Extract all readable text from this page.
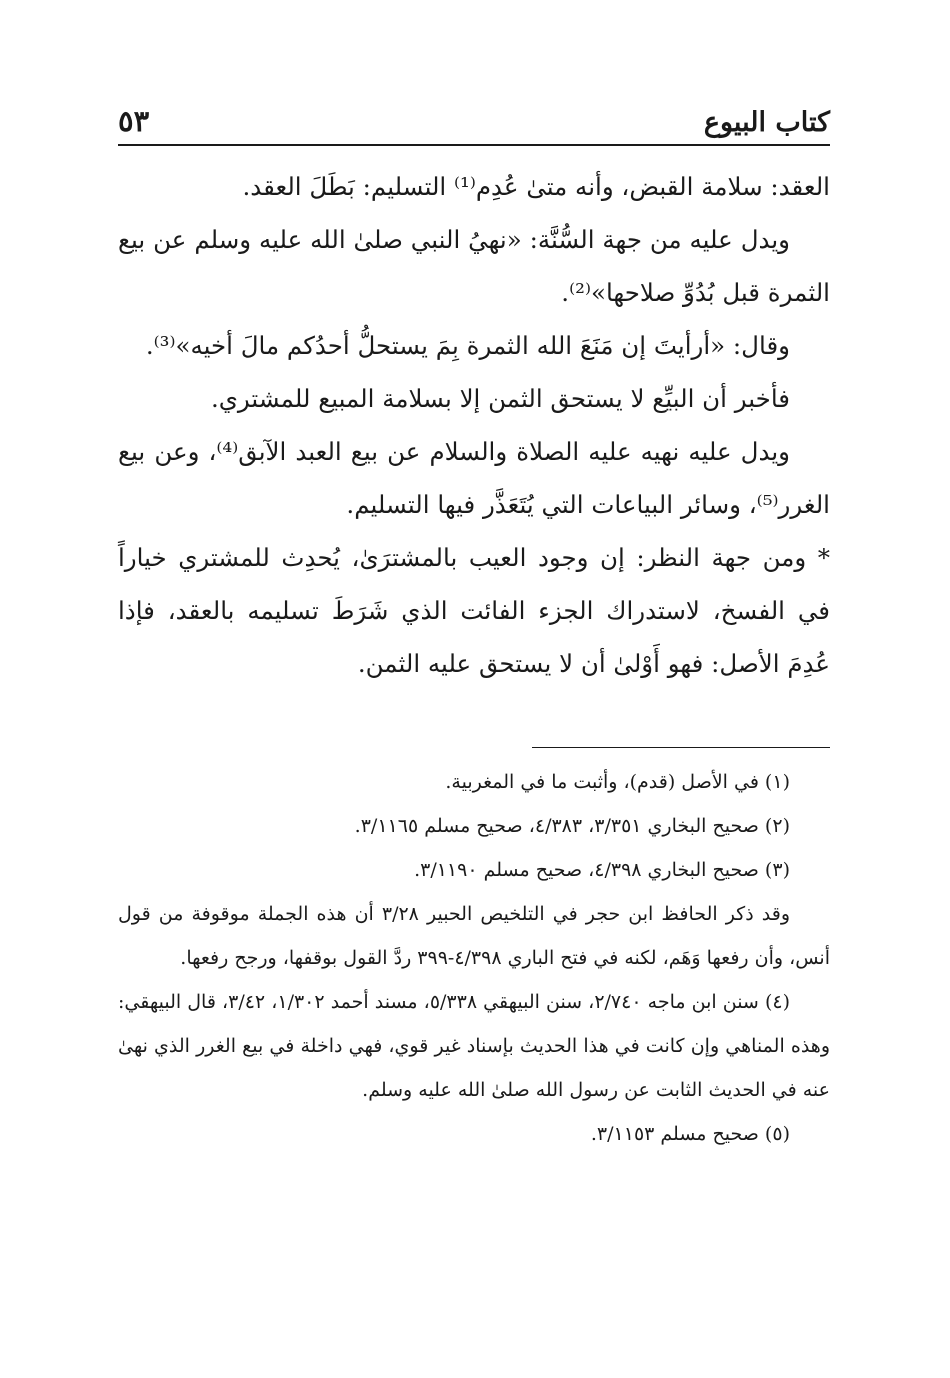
كتاب البيوع
٥٣

العقد: سلامة القبض، وأنه متىٰ عُدِم⁽¹⁾ التسليم: بَطَلَ العقد.

ويدل عليه من جهة السُّنَّة: «نهيُ النبي صلىٰ الله عليه وسلم عن بيع الثمرة قبل بُدُوِّ صلاحها»⁽²⁾.

وقال: «أرأيتَ إن مَنَعَ الله الثمرة بِمَ يستحلُّ أحدُكم مالَ أخيه»⁽³⁾.

فأخبر أن البيِّع لا يستحق الثمن إلا بسلامة المبيع للمشتري.

ويدل عليه نهيه عليه الصلاة والسلام عن بيع العبد الآبق⁽⁴⁾، وعن بيع الغرر⁽⁵⁾، وسائر البياعات التي يُتَعَذَّر فيها التسليم.

* ومن جهة النظر: إن وجود العيب بالمشترَىٰ، يُحدِث للمشتري خياراً في الفسخ، لاستدراك الجزء الفائت الذي شَرَطَ تسليمه بالعقد، فإذا عُدِمَ الأصل: فهو أَوْلىٰ أن لا يستحق عليه الثمن.

(١) في الأصل (قدم)، وأثبت ما في المغربية.

(٢) صحيح البخاري ٣/٣٥١، ٤/٣٨٣، صحيح مسلم ٣/١١٦٥.

(٣) صحيح البخاري ٤/٣٩٨، صحيح مسلم ٣/١١٩٠.

وقد ذكر الحافظ ابن حجر في التلخيص الحبير ٣/٢٨ أن هذه الجملة موقوفة من قول أنس، وأن رفعها وَهَم، لكنه في فتح الباري ٤/٣٩٨-٣٩٩ ردَّ القول بوقفها، ورجح رفعها.

(٤) سنن ابن ماجه ٢/٧٤٠، سنن البيهقي ٥/٣٣٨، مسند أحمد ١/٣٠٢، ٣/٤٢، قال البيهقي: وهذه المناهي وإن كانت في هذا الحديث بإسناد غير قوي، فهي داخلة في بيع الغرر الذي نهىٰ عنه في الحديث الثابت عن رسول الله صلىٰ الله عليه وسلم.

(٥) صحيح مسلم ٣/١١٥٣.
